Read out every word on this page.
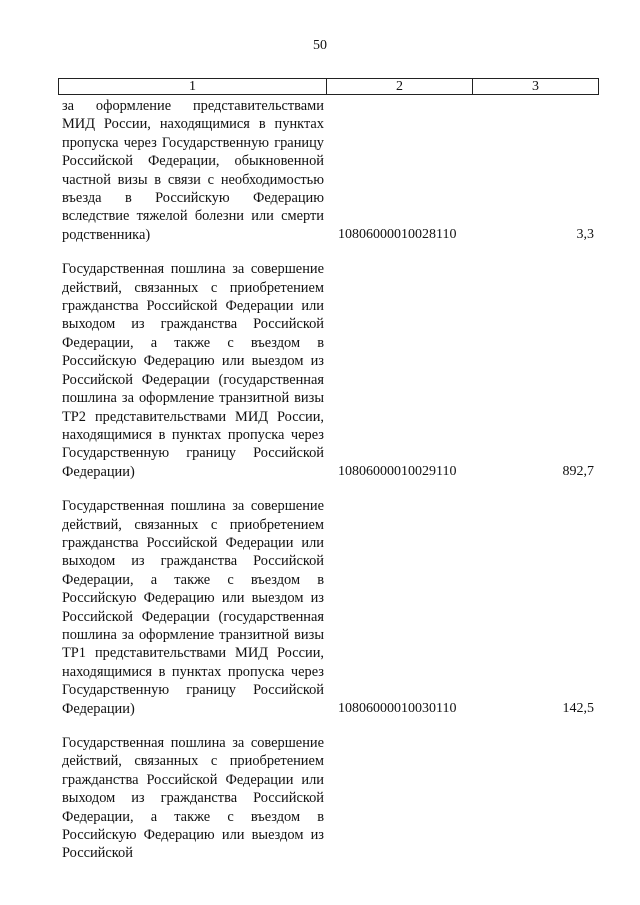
50
1	2	3
за оформление представительствами МИД России, находящимися в пунктах пропуска через Государственную границу Российской Федерации, обыкновенной частной визы в связи с необходимостью въезда в Российскую Федерацию вследствие тяжелой болезни или смерти родственника)	10806000010028110	3,3
Государственная пошлина за совершение действий, связанных с приобретением гражданства Российской Федерации или выходом из гражданства Российской Федерации, а также с въездом в Российскую Федерацию или выездом из Российской Федерации (государственная пошлина за оформление транзитной визы ТР2 представительствами МИД России, находящимися в пунктах пропуска через Государственную границу Российской Федерации)	10806000010029110	892,7
Государственная пошлина за совершение действий, связанных с приобретением гражданства Российской Федерации или выходом из гражданства Российской Федерации, а также с въездом в Российскую Федерацию или выездом из Российской Федерации (государственная пошлина за оформление транзитной визы ТР1 представительствами МИД России, находящимися в пунктах пропуска через Государственную границу Российской Федерации)	10806000010030110	142,5
Государственная пошлина за совершение действий, связанных с приобретением гражданства Российской Федерации или выходом из гражданства Российской Федерации, а также с въездом в Российскую Федерацию или выездом из Российской
